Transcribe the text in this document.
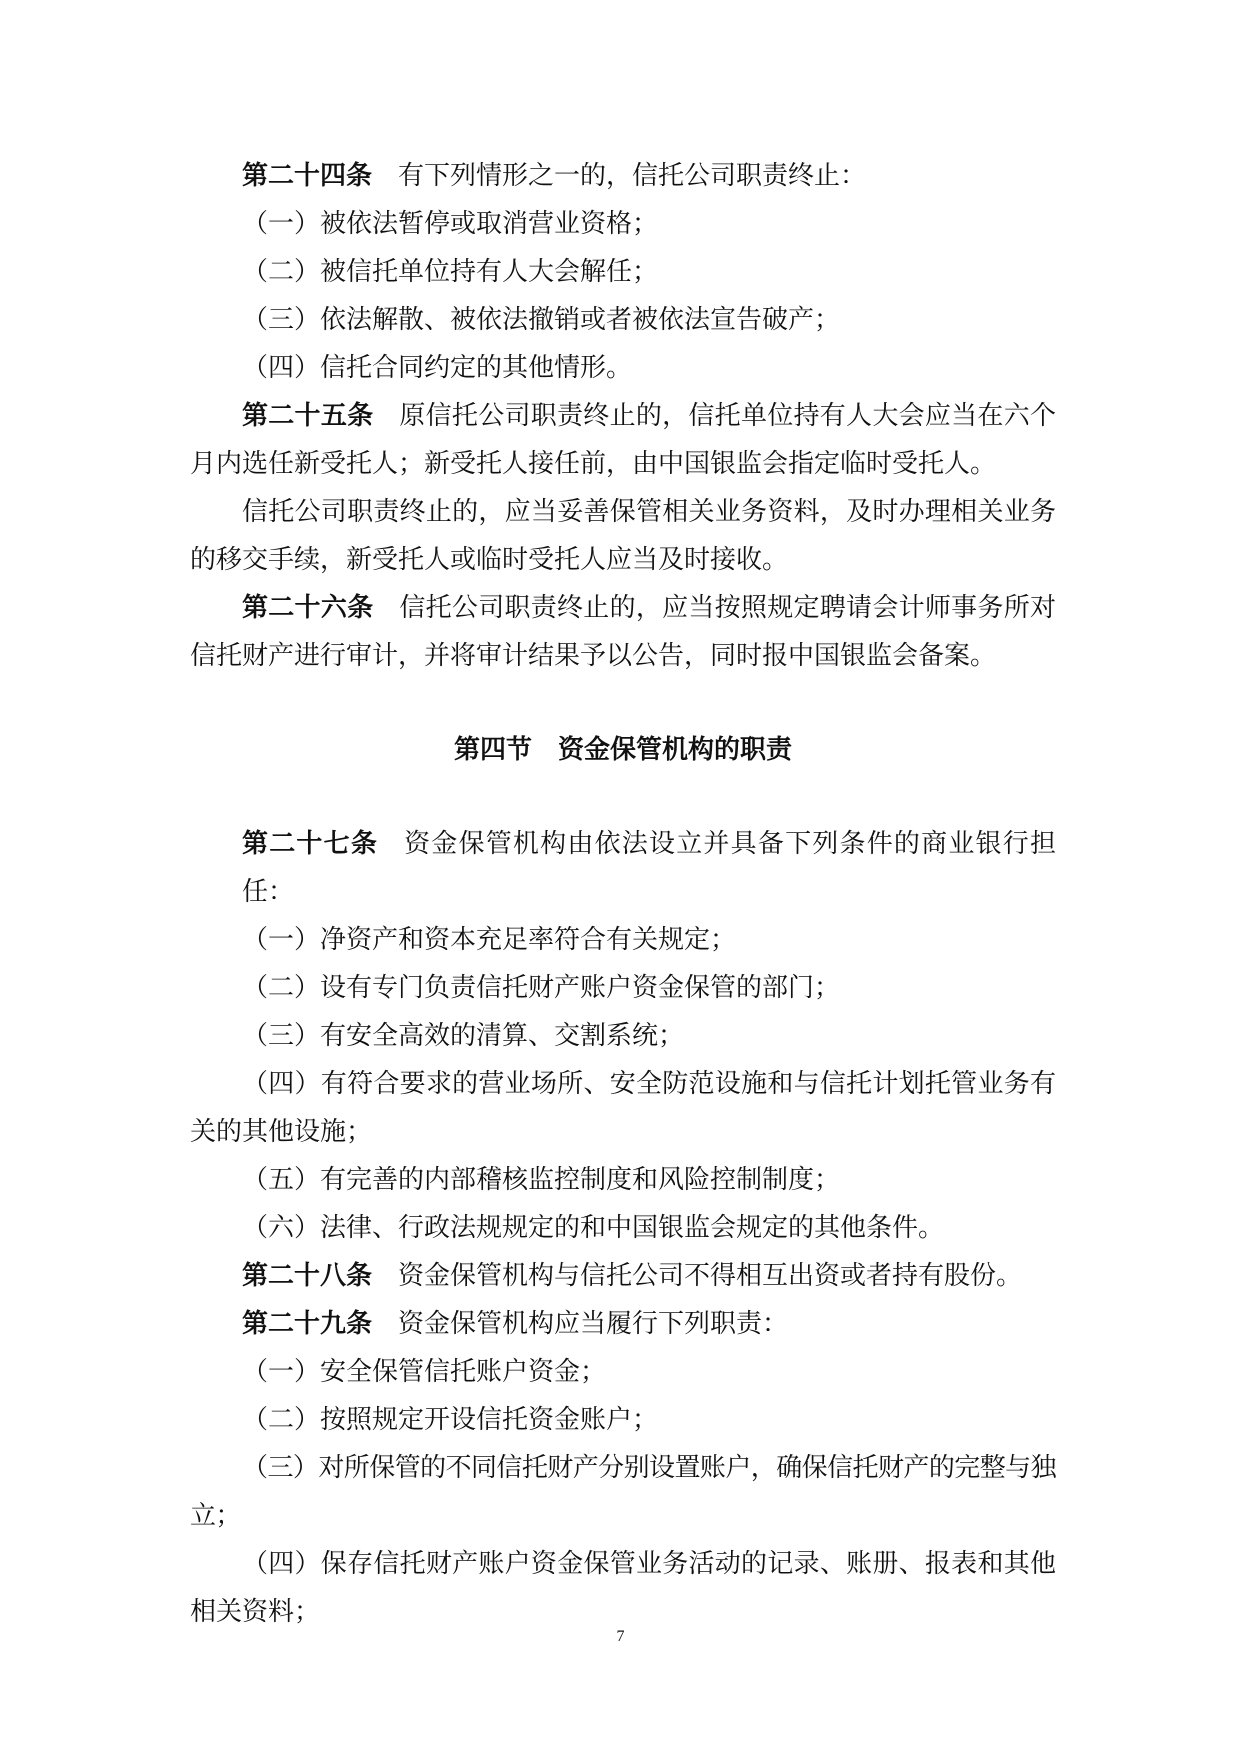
第二十四条 有下列情形之一的，信托公司职责终止：

（一）被依法暂停或取消营业资格；

（二）被信托单位持有人大会解任；

（三）依法解散、被依法撤销或者被依法宣告破产；

（四）信托合同约定的其他情形。

第二十五条 原信托公司职责终止的，信托单位持有人大会应当在六个月内选任新受托人；新受托人接任前，由中国银监会指定临时受托人。

信托公司职责终止的，应当妥善保管相关业务资料，及时办理相关业务的移交手续，新受托人或临时受托人应当及时接收。

第二十六条 信托公司职责终止的，应当按照规定聘请会计师事务所对信托财产进行审计，并将审计结果予以公告，同时报中国银监会备案。

第四节　资金保管机构的职责

第二十七条 资金保管机构由依法设立并具备下列条件的商业银行担任：

（一）净资产和资本充足率符合有关规定；

（二）设有专门负责信托财产账户资金保管的部门；

（三）有安全高效的清算、交割系统；

（四）有符合要求的营业场所、安全防范设施和与信托计划托管业务有关的其他设施；

（五）有完善的内部稽核监控制度和风险控制制度；

（六）法律、行政法规规定的和中国银监会规定的其他条件。

第二十八条 资金保管机构与信托公司不得相互出资或者持有股份。

第二十九条 资金保管机构应当履行下列职责：

（一）安全保管信托账户资金；

（二）按照规定开设信托资金账户；

（三）对所保管的不同信托财产分别设置账户，确保信托财产的完整与独立；

（四）保存信托财产账户资金保管业务活动的记录、账册、报表和其他相关资料；

7
